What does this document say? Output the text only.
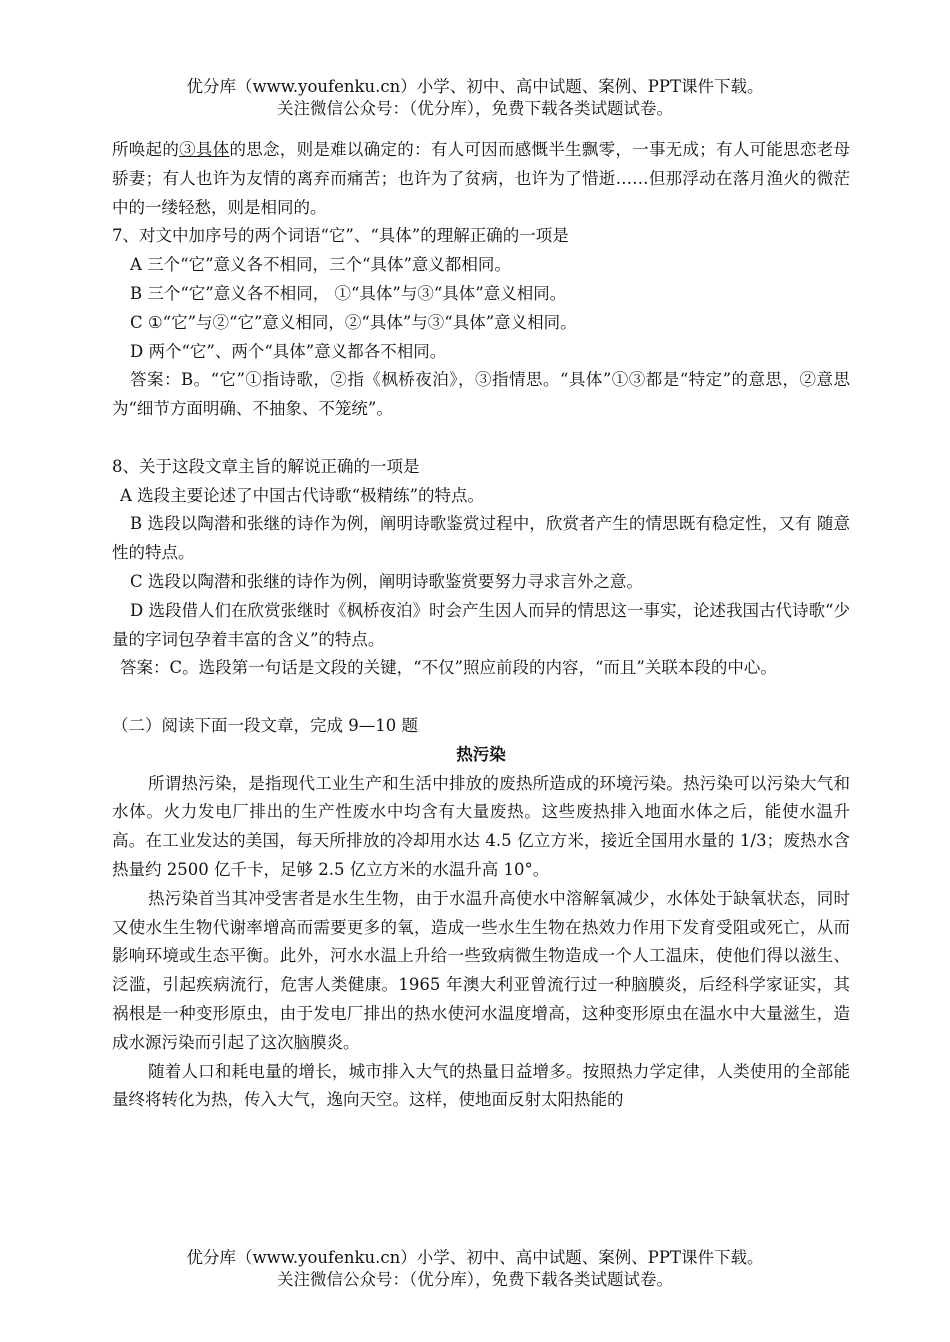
优分库（www.youfenku.cn）小学、初中、高中试题、案例、PPT课件下载。
关注微信公众号：（优分库），免费下载各类试题试卷。

所唤起的③具体的思念，则是难以确定的：有人可因而感慨半生飘零，一事无成；有人可能思恋老母骄妻；有人也许为友情的离弃而痛苦；也许为了贫病，也许为了惜逝……但那浮动在落月渔火的微茫中的一缕轻愁，则是相同的。

7、对文中加序号的两个词语“它”、“具体”的理解正确的一项是

A 三个“它”意义各不相同，三个“具体”意义都相同。

B 三个“它”意义各不相同， ①“具体”与③“具体”意义相同。

C ①“它”与②“它”意义相同，②“具体”与③“具体”意义相同。

D 两个“它”、两个“具体”意义都各不相同。

答案：B。“它”①指诗歌，②指《枫桥夜泊》，③指情思。“具体”①③都是“特定”的意思，②意思为“细节方面明确、不抽象、不笼统”。

8、关于这段文章主旨的解说正确的一项是

A 选段主要论述了中国古代诗歌“极精练”的特点。

B 选段以陶潜和张继的诗作为例，阐明诗歌鉴赏过程中，欣赏者产生的情思既有稳定性，又有 随意性的特点。

C 选段以陶潜和张继的诗作为例，阐明诗歌鉴赏要努力寻求言外之意。

D 选段借人们在欣赏张继时《枫桥夜泊》时会产生因人而异的情思这一事实，论述我国古代诗歌“少量的字词包孕着丰富的含义”的特点。

答案：C。选段第一句话是文段的关键，“不仅”照应前段的内容，“而且”关联本段的中心。

（二）阅读下面一段文章，完成 9—10 题

热污染

所谓热污染，是指现代工业生产和生活中排放的废热所造成的环境污染。热污染可以污染大气和水体。火力发电厂排出的生产性废水中均含有大量废热。这些废热排入地面水体之后，能使水温升高。在工业发达的美国，每天所排放的冷却用水达 4.5 亿立方米，接近全国用水量的 1/3；废热水含热量约 2500 亿千卡，足够 2.5 亿立方米的水温升高 10°。

热污染首当其冲受害者是水生生物，由于水温升高使水中溶解氧减少，水体处于缺氧状态，同时又使水生生物代谢率增高而需要更多的氧，造成一些水生生物在热效力作用下发育受阻或死亡，从而影响环境或生态平衡。此外，河水水温上升给一些致病微生物造成一个人工温床，使他们得以滋生、泛滥，引起疾病流行，危害人类健康。1965 年澳大利亚曾流行过一种脑膜炎，后经科学家证实，其祸根是一种变形原虫，由于发电厂排出的热水使河水温度增高，这种变形原虫在温水中大量滋生，造成水源污染而引起了这次脑膜炎。

随着人口和耗电量的增长，城市排入大气的热量日益增多。按照热力学定律，人类使用的全部能量终将转化为热，传入大气，逸向天空。这样，使地面反射太阳热能的

优分库（www.youfenku.cn）小学、初中、高中试题、案例、PPT课件下载。
关注微信公众号：（优分库），免费下载各类试题试卷。
